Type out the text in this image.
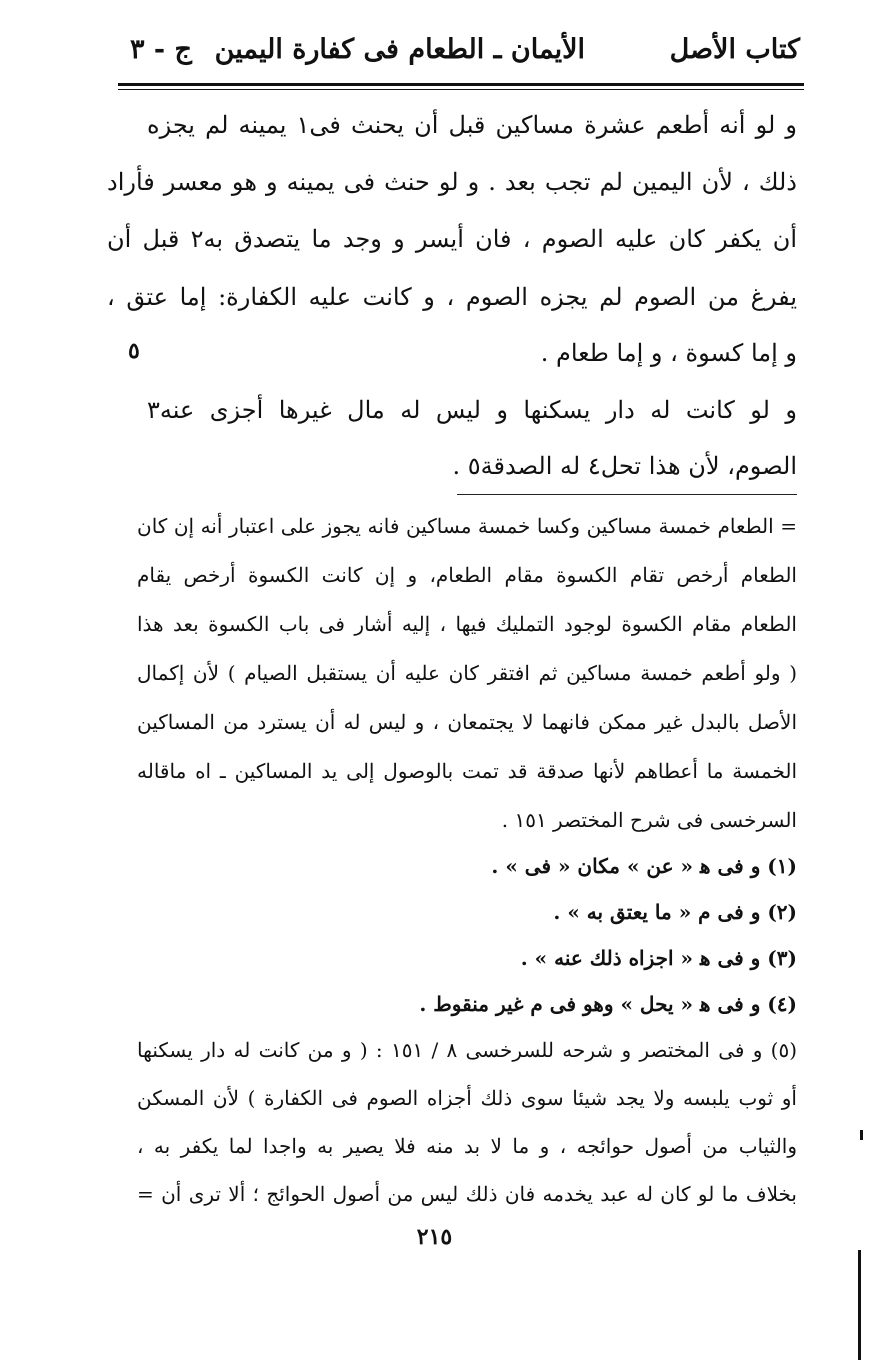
كتاب الأصل
الأيمان ـ الطعام فى كفارة اليمين
ج - ٣
و لو أنه أطعم عشرة مساكين قبل أن يحنث فى١ يمينه لم يجزه
ذلك ، لأن اليمين لم تجب بعد . و لو حنث فى يمينه و هو معسر فأراد
أن يكفر كان عليه الصوم ، فان أيسر و وجد ما يتصدق به٢ قبل أن
يفرغ من الصوم لم يجزه الصوم ، و كانت عليه الكفارة: إما عتق ،
و إما كسوة ، و إما طعام .
و لو كانت له دار يسكنها و ليس له مال غيرها أجزى عنه٣
الصوم، لأن هذا تحل٤ له الصدقة٥ .
٥
= الطعام خمسة مساكين وكسا خمسة مساكين فانه يجوز على اعتبار أنه إن كان
الطعام أرخص تقام الكسوة مقام الطعام، و إن كانت الكسوة أرخص يقام
الطعام مقام الكسوة لوجود التمليك فيها ، إليه أشار فى باب الكسوة بعد هذا
( ولو أطعم خمسة مساكين ثم افتقر كان عليه أن يستقبل الصيام ) لأن إكمال
الأصل بالبدل غير ممكن فانهما لا يجتمعان ، و ليس له أن يسترد من المساكين
الخمسة ما أعطاهم لأنها صدقة قد تمت بالوصول إلى يد المساكين ـ اه ماقاله
السرخسى فى شرح المختصر ١٥١ .
(١) و فى ﻫ « عن » مكان « فى » .
(٢) و فى م « ما يعتق به » .
(٣) و فى ﻫ « اجزاه ذلك عنه » .
(٤) و فى ﻫ « يحل » وهو فى م غير منقوط .
(٥) و فى المختصر و شرحه للسرخسى ٨ / ١٥١ : ( و من كانت له دار يسكنها
أو ثوب يلبسه ولا يجد شيئا سوى ذلك أجزاه الصوم فى الكفارة ) لأن المسكن
والثياب من أصول حوائجه ، و ما لا بد منه فلا يصير به واجدا لما يكفر به ،
بخلاف ما لو كان له عبد يخدمه فان ذلك ليس من أصول الحوائج ؛ ألا ترى أن =
٢١٥
